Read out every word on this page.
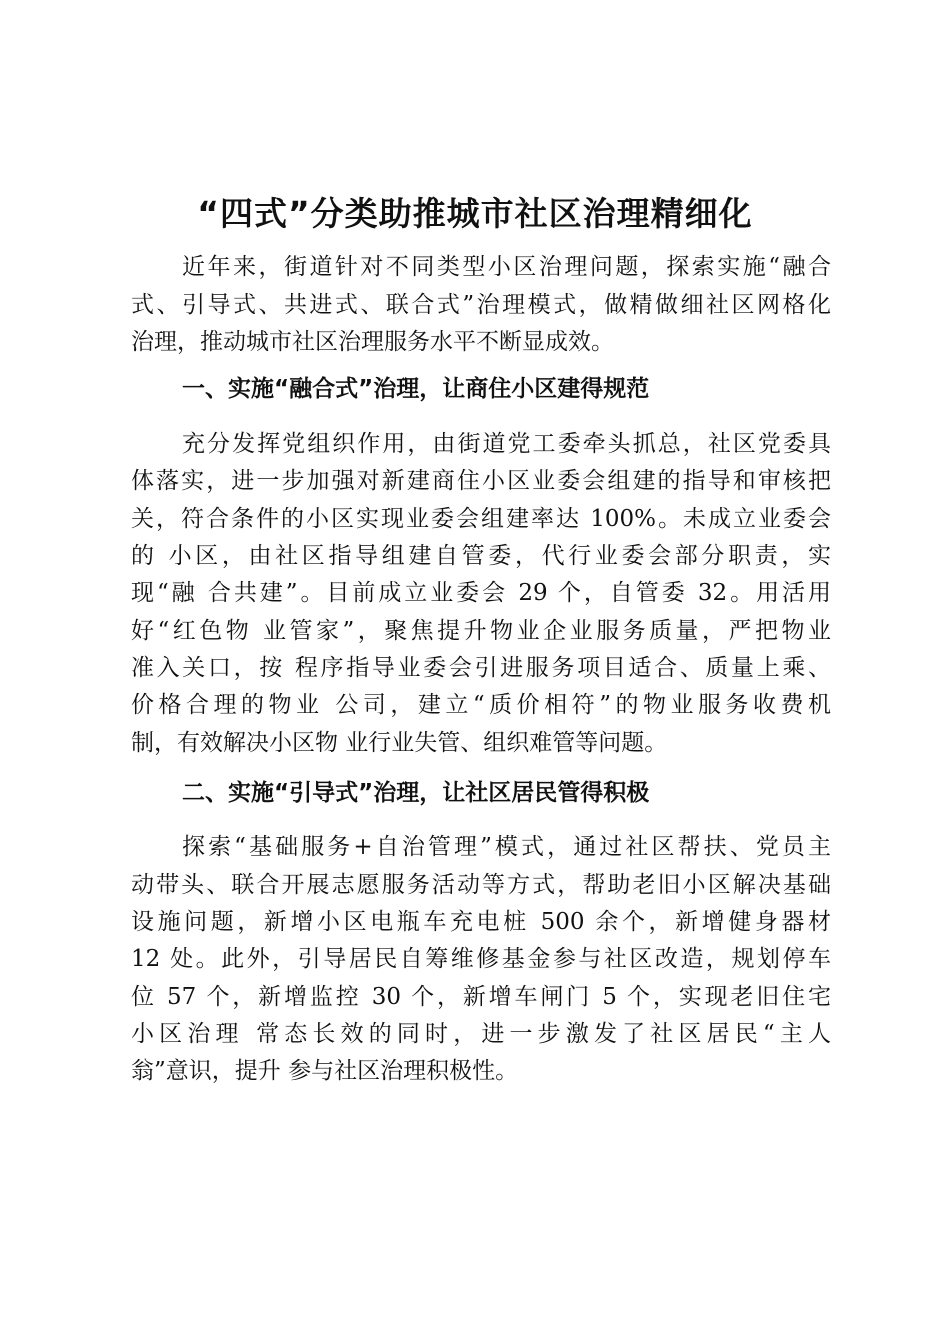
“四式”分类助推城市社区治理精细化

近年来，街道针对不同类型小区治理问题，探索实施“融合

式、引导式、共进式、联合式”治理模式，做精做细社区网格化

治理，推动城市社区治理服务水平不断显成效。

一、实施“融合式”治理，让商住小区建得规范

充分发挥党组织作用，由街道党工委牵头抓总，社区党委具

体落实，进一步加强对新建商住小区业委会组建的指导和审核把

关，符合条件的小区实现业委会组建率达 100%。未成立业委会

的 小区，由社区指导组建自管委，代行业委会部分职责，实

现“融 合共建”。目前成立业委会 29 个，自管委 32。用活用

好“红色物 业管家”，聚焦提升物业企业服务质量，严把物业

准入关口，按 程序指导业委会引进服务项目适合、质量上乘、

价格合理的物业 公司，建立“质价相符”的物业服务收费机

制，有效解决小区物 业行业失管、组织难管等问题。

二、实施“引导式”治理，让社区居民管得积极

探索“基础服务+自治管理”模式，通过社区帮扶、党员主

动带头、联合开展志愿服务活动等方式，帮助老旧小区解决基础

设施问题，新增小区电瓶车充电桩 500 余个，新增健身器材

12 处。此外，引导居民自筹维修基金参与社区改造，规划停车

位 57 个，新增监控 30 个，新增车闸门 5 个，实现老旧住宅

小区治理 常态长效的同时，进一步激发了社区居民“主人

翁”意识，提升 参与社区治理积极性。
